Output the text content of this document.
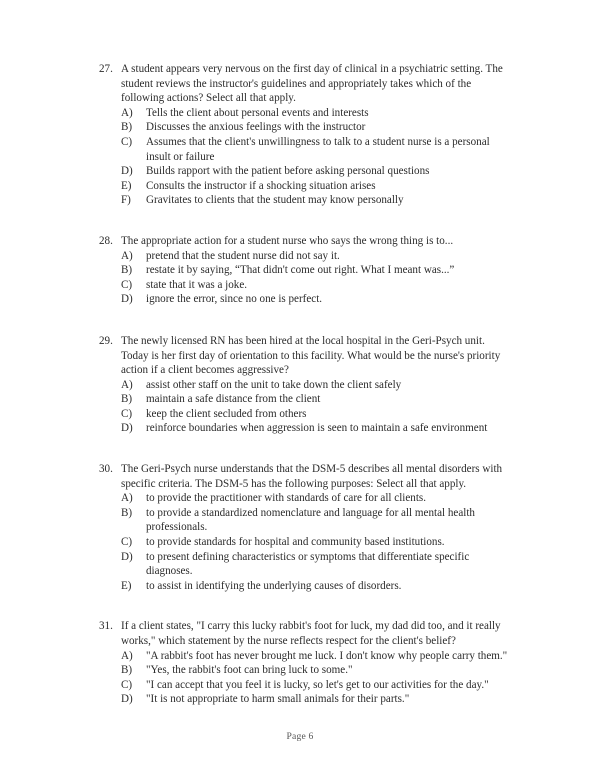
27. A student appears very nervous on the first day of clinical in a psychiatric setting. The student reviews the instructor's guidelines and appropriately takes which of the following actions? Select all that apply.
A)	Tells the client about personal events and interests
B)	Discusses the anxious feelings with the instructor
C)	Assumes that the client's unwillingness to talk to a student nurse is a personal insult or failure
D)	Builds rapport with the patient before asking personal questions
E)	Consults the instructor if a shocking situation arises
F)	Gravitates to clients that the student may know personally
28. The appropriate action for a student nurse who says the wrong thing is to...
A)	pretend that the student nurse did not say it.
B)	restate it by saying, “That didn't come out right. What I meant was...”
C)	state that it was a joke.
D)	ignore the error, since no one is perfect.
29. The newly licensed RN has been hired at the local hospital in the Geri-Psych unit. Today is her first day of orientation to this facility. What would be the nurse's priority action if a client becomes aggressive?
A)	assist other staff on the unit to take down the client safely
B)	maintain a safe distance from the client
C)	keep the client secluded from others
D)	reinforce boundaries when aggression is seen to maintain a safe environment
30. The Geri-Psych nurse understands that the DSM-5 describes all mental disorders with specific criteria. The DSM-5 has the following purposes: Select all that apply.
A)	to provide the practitioner with standards of care for all clients.
B)	to provide a standardized nomenclature and language for all mental health professionals.
C)	to provide standards for hospital and community based institutions.
D)	to present defining characteristics or symptoms that differentiate specific diagnoses.
E)	to assist in identifying the underlying causes of disorders.
31. If a client states, "I carry this lucky rabbit's foot for luck, my dad did too, and it really works," which statement by the nurse reflects respect for the client's belief?
A)	"A rabbit's foot has never brought me luck. I don't know why people carry them."
B)	"Yes, the rabbit's foot can bring luck to some."
C)	"I can accept that you feel it is lucky, so let's get to our activities for the day."
D)	"It is not appropriate to harm small animals for their parts."
Page 6
